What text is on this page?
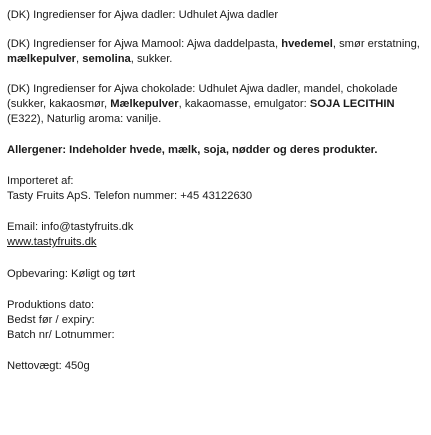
(DK) Ingredienser for Ajwa dadler: Udhulet Ajwa dadler

(DK) Ingredienser for Ajwa Mamool: Ajwa daddelpasta, hvedemel, smør erstatning, mælkepulver, semolina, sukker.

(DK) Ingredienser for Ajwa chokolade: Udhulet Ajwa dadler, mandel, chokolade (sukker, kakaosmør, Mælkepulver, kakaomasse, emulgator: SOJA LECITHIN (E322), Naturlig aroma: vanilje.

Allergener: Indeholder hvede, mælk, soja, nødder og deres produkter.

Importeret af:
Tasty Fruits ApS. Telefon nummer: +45 43122630

Email: info@tastyfruits.dk
www.tastyfruits.dk

Opbevaring: Køligt og tørt

Produktions dato:
Bedst før / expiry:
Batch nr/ Lotnummer:

Nettovægt: 450g
